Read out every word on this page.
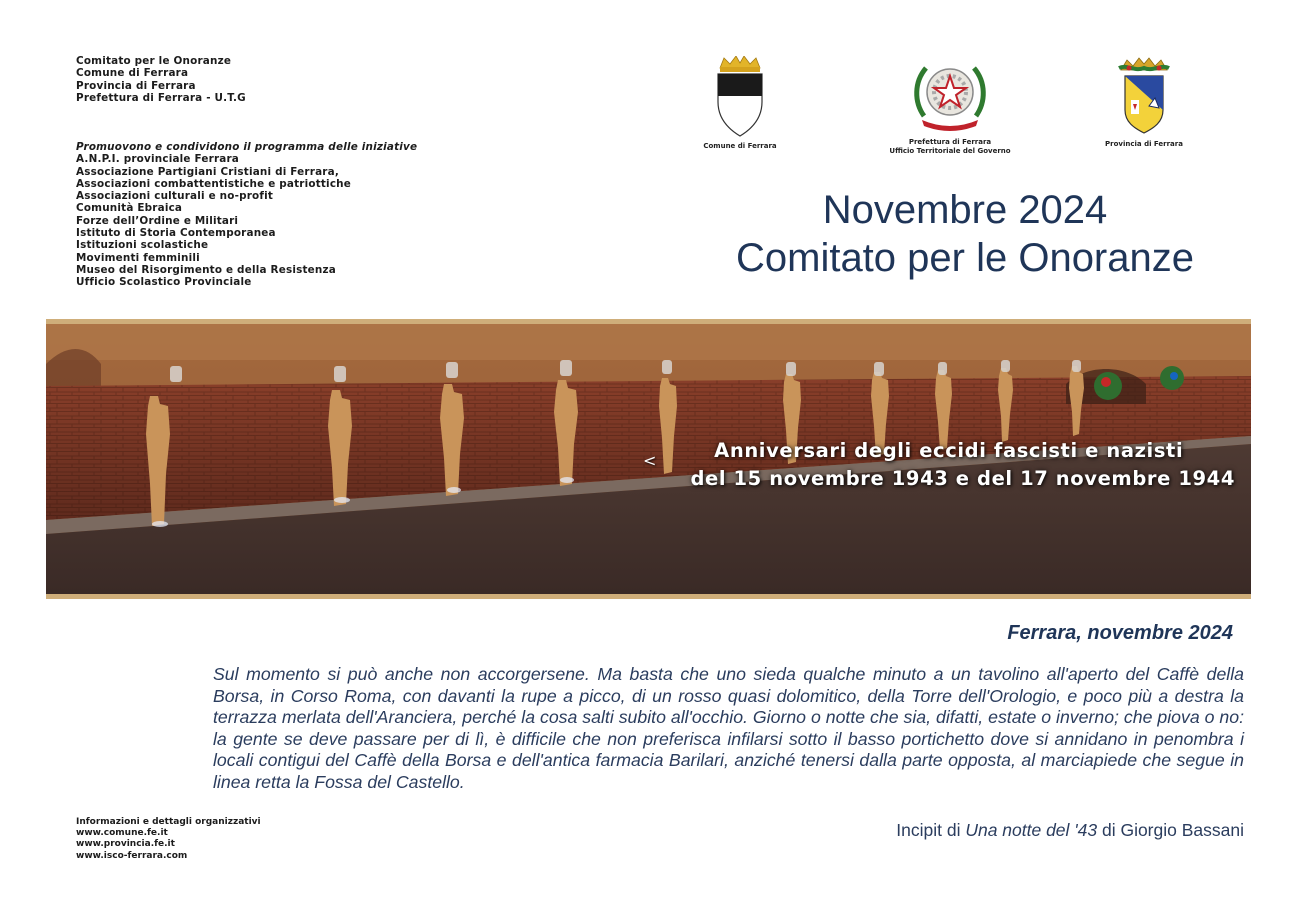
Comitato per le Onoranze
Comune di Ferrara
Provincia di Ferrara
Prefettura di Ferrara - U.T.G
Promuovono e condividono il programma delle iniziative
A.N.P.I. provinciale Ferrara
Associazione Partigiani Cristiani di Ferrara,
Associazioni combattentistiche e patriottiche
Associazioni culturali e no-profit
Comunità Ebraica
Forze dell’Ordine e Militari
Istituto di Storia Contemporanea
Istituzioni scolastiche
Movimenti femminili
Museo del Risorgimento e della Resistenza
Ufficio Scolastico Provinciale
Comune di Ferrara	Prefettura di Ferrara
Ufficio Territoriale del Governo
Provincia di Ferrara
Novembre 2024
Comitato per le Onoranze
<	Anniversari degli eccidi fascisti e nazisti
del 15 novembre 1943 e del 17 novembre 1944
Ferrara, novembre 2024
Sul momento si può anche non accorgersene. Ma basta che uno sieda qualche minuto a un tavolino all'aperto del Caffè della Borsa, in Corso Roma, con davanti la rupe a picco, di un rosso quasi dolomitico, della Torre dell'Orologio, e poco più a destra la terrazza merlata dell'Aranciera, perché la cosa salti subito all'occhio. Giorno o notte che sia, difatti, estate o inverno; che piova o no: la gente se deve passare per di lì, è difficile che non preferisca infilarsi sotto il basso portichetto dove si annidano in penombra i locali contigui del Caffè della Borsa e dell'antica farmacia Barilari, anziché tenersi dalla parte opposta, al marciapiede che segue in linea retta la Fossa del Castello.
Incipit di Una notte del '43 di Giorgio Bassani
Informazioni e dettagli organizzativi
www.comune.fe.it
www.provincia.fe.it
www.isco-ferrara.com
